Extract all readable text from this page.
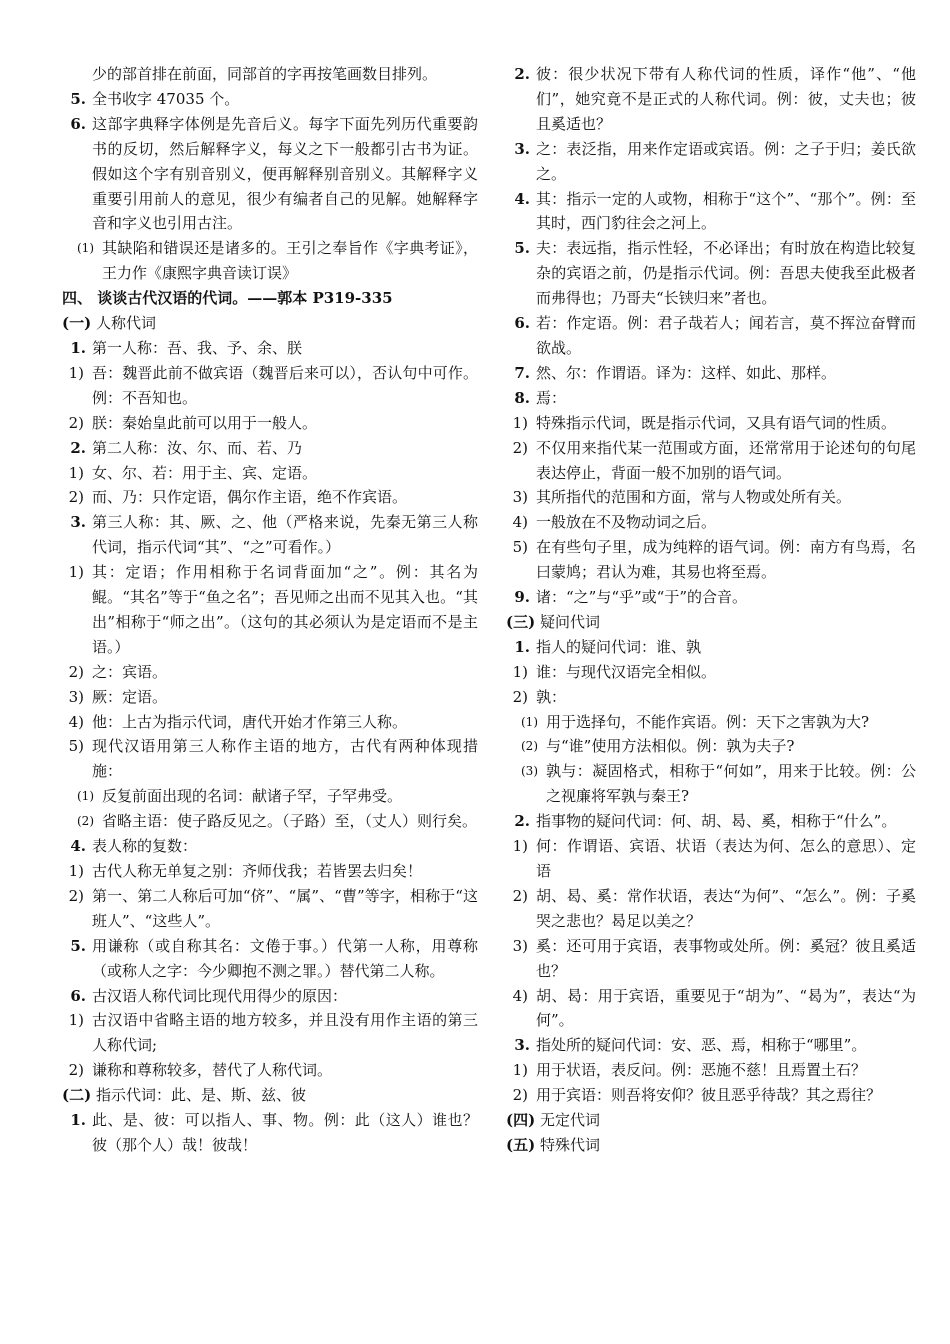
少的部首排在前面，同部首的字再按笔画数目排列。
5. 全书收字 47035 个。
6. 这部字典释字体例是先音后义。每字下面先列历代重要韵书的反切，然后解释字义，每义之下一般都引古书为证。假如这个字有别音别义，便再解释别音别义。其解释字义重要引用前人的意见，很少有编者自己的见解。她解释字音和字义也引用古注。
(1) 其缺陷和错误还是诸多的。王引之奉旨作《字典考证》，王力作《康熙字典音读订误》
四、 谈谈古代汉语的代词。——郭本 P319-335
(一) 人称代词
1. 第一人称：吾、我、予、余、朕
1) 吾：魏晋此前不做宾语（魏晋后来可以），否认句中可作。例：不吾知也。
2) 朕：秦始皇此前可以用于一般人。
2. 第二人称：汝、尔、而、若、乃
1) 女、尔、若：用于主、宾、定语。
2) 而、乃：只作定语，偶尔作主语，绝不作宾语。
3. 第三人称：其、厥、之、他（严格来说，先秦无第三人称代词，指示代词“其”、“之”可看作。）
1) 其：定语；作用相称于名词背面加“之”。例：其名为鲲。“其名”等于“鱼之名”；吾见师之出而不见其入也。“其出”相称于“师之出”。（这句的其必须认为是定语而不是主语。）
2) 之：宾语。
3) 厥：定语。
4) 他：上古为指示代词，唐代开始才作第三人称。
5) 现代汉语用第三人称作主语的地方，古代有两种体现措施：
(1) 反复前面出现的名词：献诸子罕，子罕弗受。
(2) 省略主语：使子路反见之。（子路）至，（丈人）则行矣。
4. 表人称的复数：
1) 古代人称无单复之别：齐师伐我；若皆罢去归矣！
2) 第一、第二人称后可加“侪”、“属”、“曹”等字，相称于“这班人”、“这些人”。
5. 用谦称（或自称其名：文倦于事。）代第一人称，用尊称（或称人之字：今少卿抱不测之罪。）替代第二人称。
6. 古汉语人称代词比现代用得少的原因：
1) 古汉语中省略主语的地方较多，并且没有用作主语的第三人称代词;
2) 谦称和尊称较多，替代了人称代词。
(二) 指示代词：此、是、斯、兹、彼
1. 此、是、彼：可以指人、事、物。例：此（这人）谁也？彼（那个人）哉！彼哉！
2. 彼：很少状况下带有人称代词的性质，译作“他”、“他们”，她究竟不是正式的人称代词。例：彼，丈夫也；彼且奚适也？
3. 之：表泛指，用来作定语或宾语。例：之子于归；姜氏欲之。
4. 其：指示一定的人或物，相称于“这个”、“那个”。例：至其时，西门豹往会之河上。
5. 夫：表远指，指示性轻，不必译出；有时放在构造比较复杂的宾语之前，仍是指示代词。例：吾思夫使我至此极者而弗得也；乃哥夫“长铗归来”者也。
6. 若：作定语。例：君子哉若人；闻若言，莫不挥泣奋臂而欲战。
7. 然、尔：作谓语。译为：这样、如此、那样。
8. 焉：
1) 特殊指示代词，既是指示代词，又具有语气词的性质。
2) 不仅用来指代某一范围或方面，还常常用于论述句的句尾表达停止，背面一般不加别的语气词。
3) 其所指代的范围和方面，常与人物或处所有关。
4) 一般放在不及物动词之后。
5) 在有些句子里，成为纯粹的语气词。例：南方有鸟焉，名曰蒙鸠；君认为难，其易也将至焉。
9. 诸：“之”与“乎”或“于”的合音。
(三) 疑问代词
1. 指人的疑问代词：谁、孰
1) 谁：与现代汉语完全相似。
2) 孰：
(1) 用于选择句，不能作宾语。例：天下之害孰为大?
(2) 与“谁”使用方法相似。例：孰为夫子?
(3) 孰与：凝固格式，相称于“何如”，用来于比较。例：公之视廉将军孰与秦王?
2. 指事物的疑问代词：何、胡、曷、奚，相称于“什么”。
1) 何：作谓语、宾语、状语（表达为何、怎么的意思）、定语
2) 胡、曷、奚：常作状语，表达“为何”、“怎么”。例：子奚哭之悲也？曷足以美之？
3) 奚：还可用于宾语，表事物或处所。例：奚冠？彼且奚适也？
4) 胡、曷：用于宾语，重要见于“胡为”、“曷为”，表达“为何”。
3. 指处所的疑问代词：安、恶、焉，相称于“哪里”。
1) 用于状语，表反问。例：恶施不慈！且焉置土石？
2) 用于宾语：则吾将安仰？彼且恶乎待哉？其之焉往？
(四) 无定代词
(五) 特殊代词
